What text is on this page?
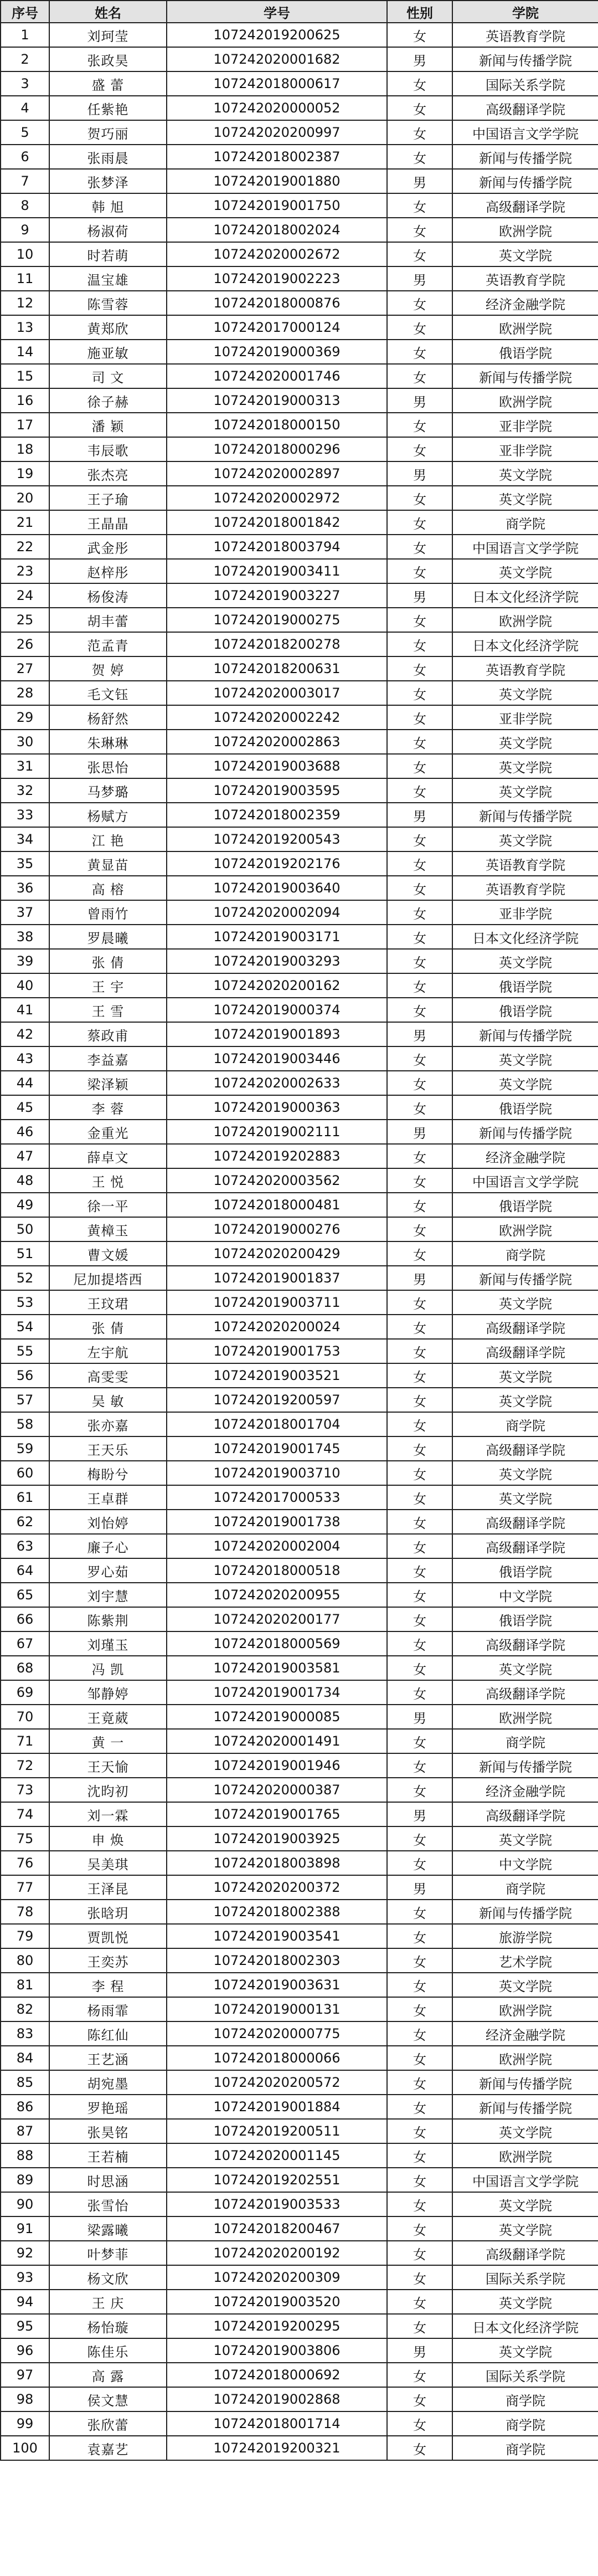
序号	姓名	学号	性别	学院
1	刘珂莹	107242019200625	女	英语教育学院
2	张政昊	107242020001682	男	新闻与传播学院
3	盛 蕾	107242018000617	女	国际关系学院
4	任紫艳	107242020000052	女	高级翻译学院
5	贺巧丽	107242020200997	女	中国语言文学学院
6	张雨晨	107242018002387	女	新闻与传播学院
7	张梦泽	107242019001880	男	新闻与传播学院
8	韩 旭	107242019001750	女	高级翻译学院
9	杨淑荷	107242018002024	女	欧洲学院
10	时若萌	107242020002672	女	英文学院
11	温宝雄	107242019002223	男	英语教育学院
12	陈雪蓉	107242018000876	女	经济金融学院
13	黄郑欣	107242017000124	女	欧洲学院
14	施亚敏	107242019000369	女	俄语学院
15	司 文	107242020001746	女	新闻与传播学院
16	徐子赫	107242019000313	男	欧洲学院
17	潘 颖	107242018000150	女	亚非学院
18	韦辰歌	107242018000296	女	亚非学院
19	张杰亮	107242020002897	男	英文学院
20	王子瑜	107242020002972	女	英文学院
21	王晶晶	107242018001842	女	商学院
22	武金彤	107242018003794	女	中国语言文学学院
23	赵梓彤	107242019003411	女	英文学院
24	杨俊涛	107242019003227	男	日本文化经济学院
25	胡丰蕾	107242019000275	女	欧洲学院
26	范孟青	107242018200278	女	日本文化经济学院
27	贺 婷	107242018200631	女	英语教育学院
28	毛文钰	107242020003017	女	英文学院
29	杨舒然	107242020002242	女	亚非学院
30	朱琳琳	107242020002863	女	英文学院
31	张思怡	107242019003688	女	英文学院
32	马梦璐	107242019003595	女	英文学院
33	杨赋方	107242018002359	男	新闻与传播学院
34	江 艳	107242019200543	女	英文学院
35	黄显苗	107242019202176	女	英语教育学院
36	高 榕	107242019003640	女	英语教育学院
37	曾雨竹	107242020002094	女	亚非学院
38	罗晨曦	107242019003171	女	日本文化经济学院
39	张 倩	107242019003293	女	英文学院
40	王 宇	107242020200162	女	俄语学院
41	王 雪	107242019000374	女	俄语学院
42	蔡政甫	107242019001893	男	新闻与传播学院
43	李益嘉	107242019003446	女	英文学院
44	梁泽颖	107242020002633	女	英文学院
45	李 蓉	107242019000363	女	俄语学院
46	金重光	107242019002111	男	新闻与传播学院
47	薛卓文	107242019202883	女	经济金融学院
48	王 悦	107242020003562	女	中国语言文学学院
49	徐一平	107242018000481	女	俄语学院
50	黄樟玉	107242019000276	女	欧洲学院
51	曹文媛	107242020200429	女	商学院
52	尼加提塔西	107242019001837	男	新闻与传播学院
53	王玟珺	107242019003711	女	英文学院
54	张 倩	107242020200024	女	高级翻译学院
55	左宇航	107242019001753	女	高级翻译学院
56	高雯雯	107242019003521	女	英文学院
57	吴 敏	107242019200597	女	英文学院
58	张亦嘉	107242018001704	女	商学院
59	王天乐	107242019001745	女	高级翻译学院
60	梅盼兮	107242019003710	女	英文学院
61	王卓群	107242017000533	女	英文学院
62	刘怡婷	107242019001738	女	高级翻译学院
63	廉子心	107242020002004	女	高级翻译学院
64	罗心茹	107242018000518	女	俄语学院
65	刘宇慧	107242020200955	女	中文学院
66	陈紫荆	107242020200177	女	俄语学院
67	刘瑾玉	107242018000569	女	高级翻译学院
68	冯 凯	107242019003581	女	英文学院
69	邹静婷	107242019001734	女	高级翻译学院
70	王竟葳	107242019000085	男	欧洲学院
71	黄 一	107242020001491	女	商学院
72	王天愉	107242019001946	女	新闻与传播学院
73	沈昀初	107242020000387	女	经济金融学院
74	刘一霖	107242019001765	男	高级翻译学院
75	申 焕	107242019003925	女	英文学院
76	吴美琪	107242018003898	女	中文学院
77	王泽昆	107242020200372	男	商学院
78	张晗玥	107242018002388	女	新闻与传播学院
79	贾凯悦	107242019003541	女	旅游学院
80	王奕苏	107242018002303	女	艺术学院
81	李 程	107242019003631	女	英文学院
82	杨雨霏	107242019000131	女	欧洲学院
83	陈红仙	107242020000775	女	经济金融学院
84	王艺涵	107242018000066	女	欧洲学院
85	胡宛墨	107242020200572	女	新闻与传播学院
86	罗艳瑶	107242019001884	女	新闻与传播学院
87	张昊铭	107242019200511	女	英文学院
88	王若楠	107242020001145	女	欧洲学院
89	时思涵	107242019202551	女	中国语言文学学院
90	张雪怡	107242019003533	女	英文学院
91	梁露曦	107242018200467	女	英文学院
92	叶梦菲	107242020200192	女	高级翻译学院
93	杨文欣	107242020200309	女	国际关系学院
94	王 庆	107242019003520	女	英文学院
95	杨怡璇	107242019200295	女	日本文化经济学院
96	陈佳乐	107242019003806	男	英文学院
97	高 露	107242018000692	女	国际关系学院
98	侯文慧	107242019002868	女	商学院
99	张欣蕾	107242018001714	女	商学院
100	袁嘉艺	107242019200321	女	商学院
